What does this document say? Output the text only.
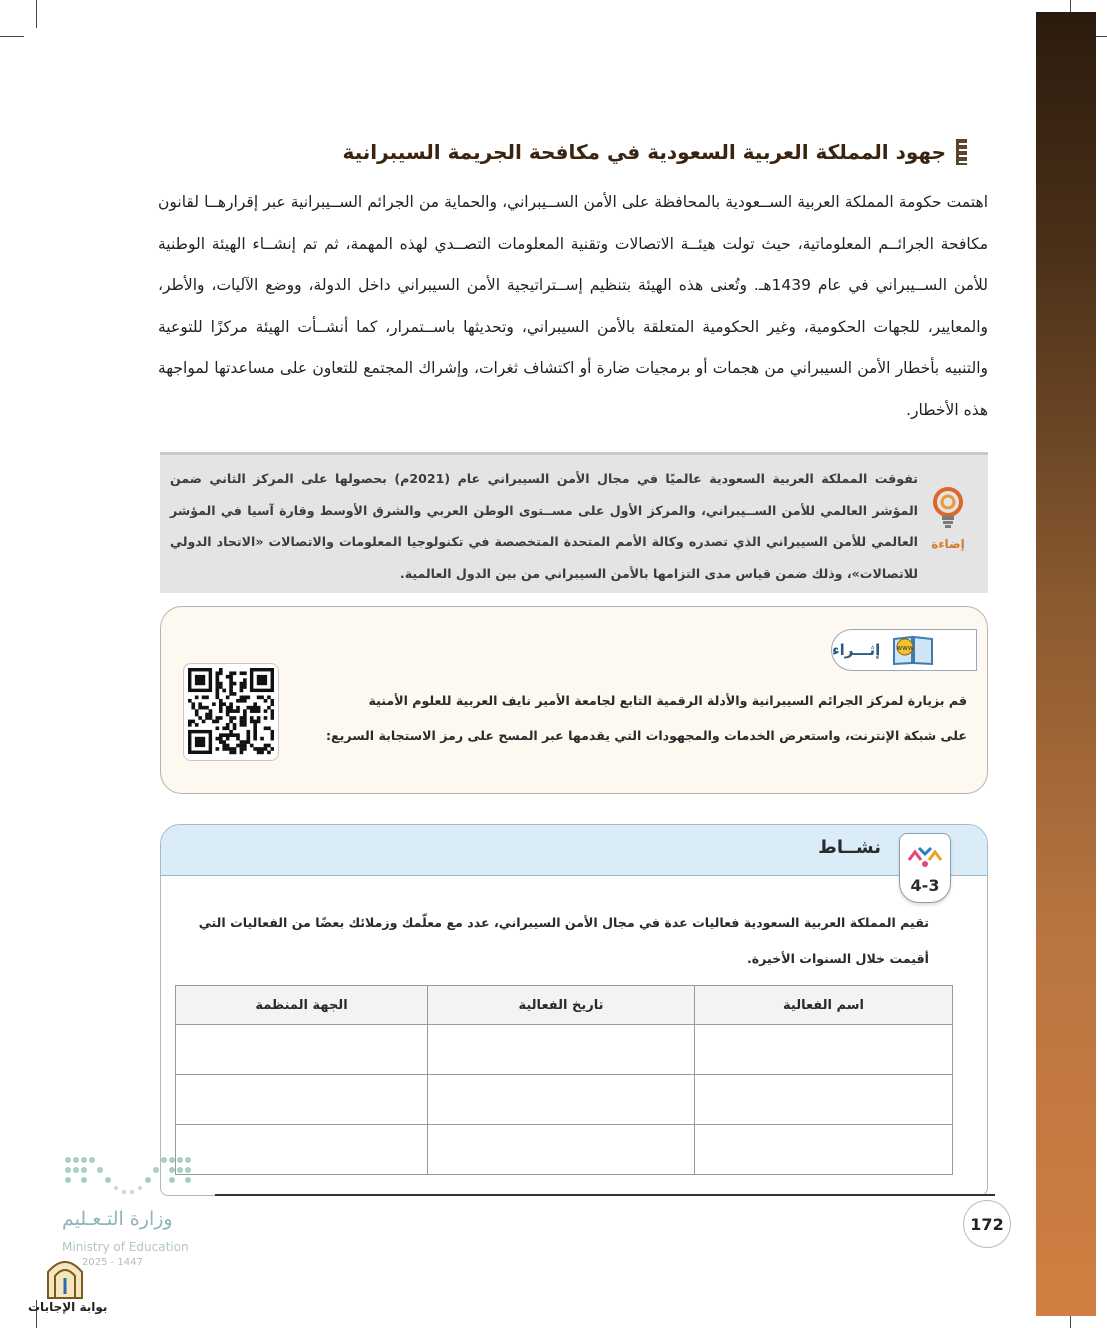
جهود المملكة العربية السعودية في مكافحة الجريمة السيبرانية
اهتمت حكومة المملكة العربية الســعودية بالمحافظة على الأمن الســيبراني، والحماية من الجرائم الســيبرانية عبر إقرارهــا لقانون مكافحة الجرائــم المعلوماتية، حيث تولت هيئــة الاتصالات وتقنية المعلومات التصــدي لهذه المهمة، ثم تم إنشــاء الهيئة الوطنية للأمن الســيبراني في عام 1439هـ. وتُعنى هذه الهيئة بتنظيم إســتراتيجية الأمن السيبراني داخل الدولة، ووضع الآليات، والأطر، والمعايير، للجهات الحكومية، وغير الحكومية المتعلقة بالأمن السيبراني، وتحديثها باســتمرار، كما أنشــأت الهيئة مركزًا للتوعية والتنبيه بأخطار الأمن السيبراني من هجمات أو برمجيات ضارة أو اكتشاف ثغرات، وإشراك المجتمع للتعاون على مساعدتها لمواجهة هذه الأخطار.
إضاءة
تفوقت المملكة العربية السعودية عالميًا في مجال الأمن السيبراني عام (2021م) بحصولها على المركز الثاني ضمن المؤشر العالمي للأمن الســيبراني، والمركز الأول على مســتوى الوطن العربي والشرق الأوسط وقارة آسيا في المؤشر العالمي للأمن السيبراني الذي تصدره وكالة الأمم المتحدة المتخصصة في تكنولوجيا المعلومات والاتصالات «الاتحاد الدولي للاتصالات»، وذلك ضمن قياس مدى التزامها بالأمن السيبراني من بين الدول العالمية.
www
إثـــراء
قم بزيارة لمركز الجرائم السيبرانية والأدلة الرقمية التابع لجامعة الأمير نايف العربية للعلوم الأمنية
على شبكة الإنترنت، واستعرض الخدمات والمجهودات التي يقدمها عبر المسح على رمز الاستجابة السريع:
نشــاط
4-3
تقيم المملكة العربية السعودية فعاليات عدة في مجال الأمن السيبراني، عدد مع معلّمك وزملائك بعضًا من الفعاليات التي أقيمت خلال السنوات الأخيرة.
اسم الفعالية	تاريخ الفعالية	الجهة المنظمة

172
وزارة التـعـليم
Ministry of Education
2025 - 1447
بوابة الإجابات
